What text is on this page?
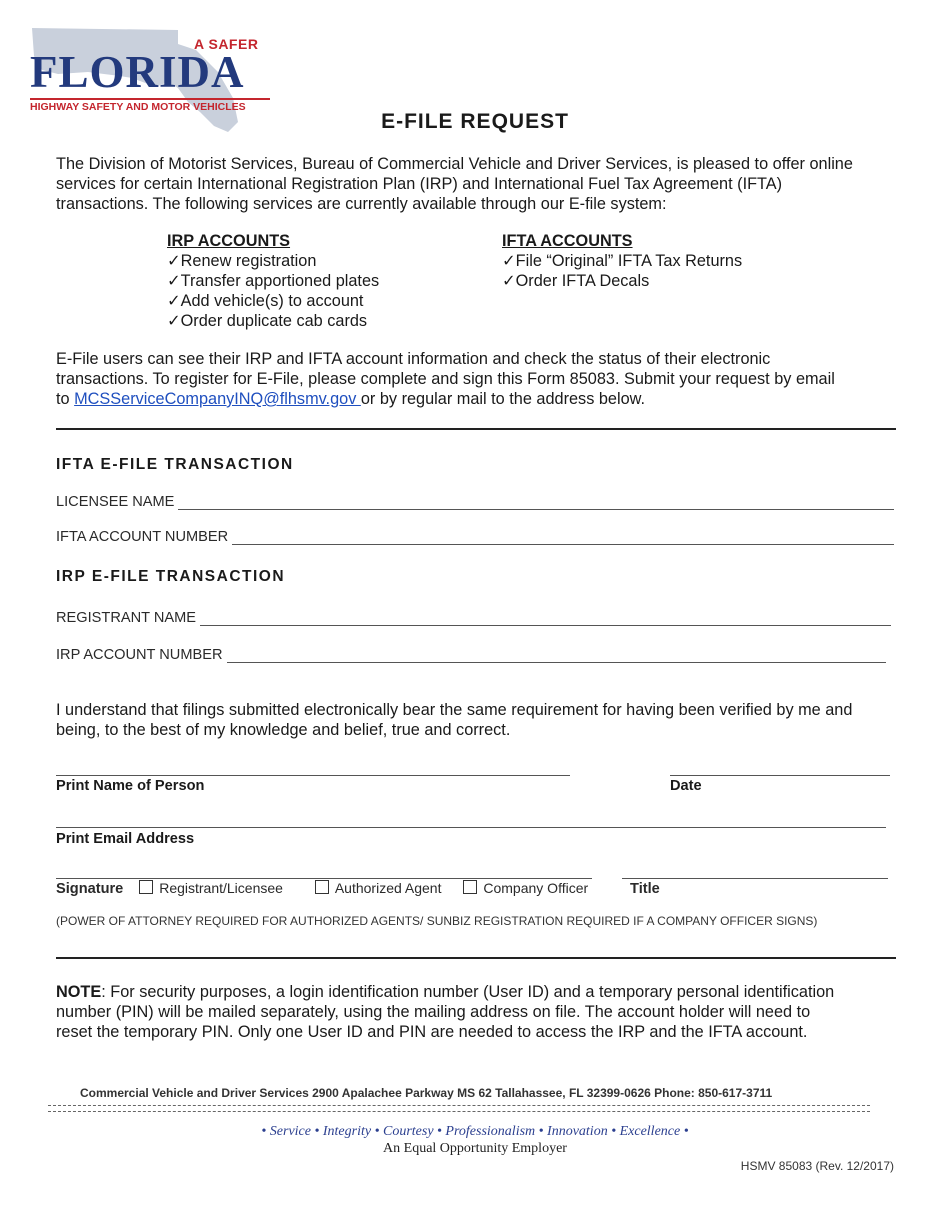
A SAFER
FLORIDA
HIGHWAY SAFETY AND MOTOR VEHICLES
E-FILE REQUEST
The Division of Motorist Services, Bureau of Commercial Vehicle and Driver Services, is pleased to offer online
services for certain International Registration Plan (IRP) and International Fuel Tax Agreement (IFTA)
transactions. The following services are currently available through our E-file system:
IRP ACCOUNTS
✓Renew registration
✓Transfer apportioned plates
✓Add vehicle(s) to account
✓Order duplicate cab cards
IFTA ACCOUNTS
✓File “Original” IFTA Tax Returns
✓Order IFTA Decals
E-File users can see their IRP and IFTA account information and check the status of their electronic
transactions. To register for E-File, please complete and sign this Form 85083. Submit your request by email
to MCSServiceCompanyINQ@flhsmv.gov or by regular mail to the address below.
IFTA E-FILE TRANSACTION
LICENSEE NAME
IFTA ACCOUNT NUMBER
IRP E-FILE TRANSACTION
REGISTRANT NAME
IRP ACCOUNT NUMBER
I understand that filings submitted electronically bear the same requirement for having been verified by me and
being, to the best of my knowledge and belief, true and correct.
Print Name of Person	Date
Print Email Address
Signature	Registrant/Licensee	Authorized Agent	Company Officer	Title
(POWER OF ATTORNEY REQUIRED FOR AUTHORIZED AGENTS/ SUNBIZ REGISTRATION REQUIRED IF A COMPANY OFFICER SIGNS)
NOTE: For security purposes, a login identification number (User ID) and a temporary personal identification
number (PIN) will be mailed separately, using the mailing address on file. The account holder will need to
reset the temporary PIN. Only one User ID and PIN are needed to access the IRP and the IFTA account.
Commercial Vehicle and Driver Services 2900 Apalachee Parkway MS 62 Tallahassee, FL 32399-0626 Phone: 850-617-3711
• Service • Integrity • Courtesy • Professionalism • Innovation • Excellence •
An Equal Opportunity Employer
HSMV 85083 (Rev. 12/2017)
